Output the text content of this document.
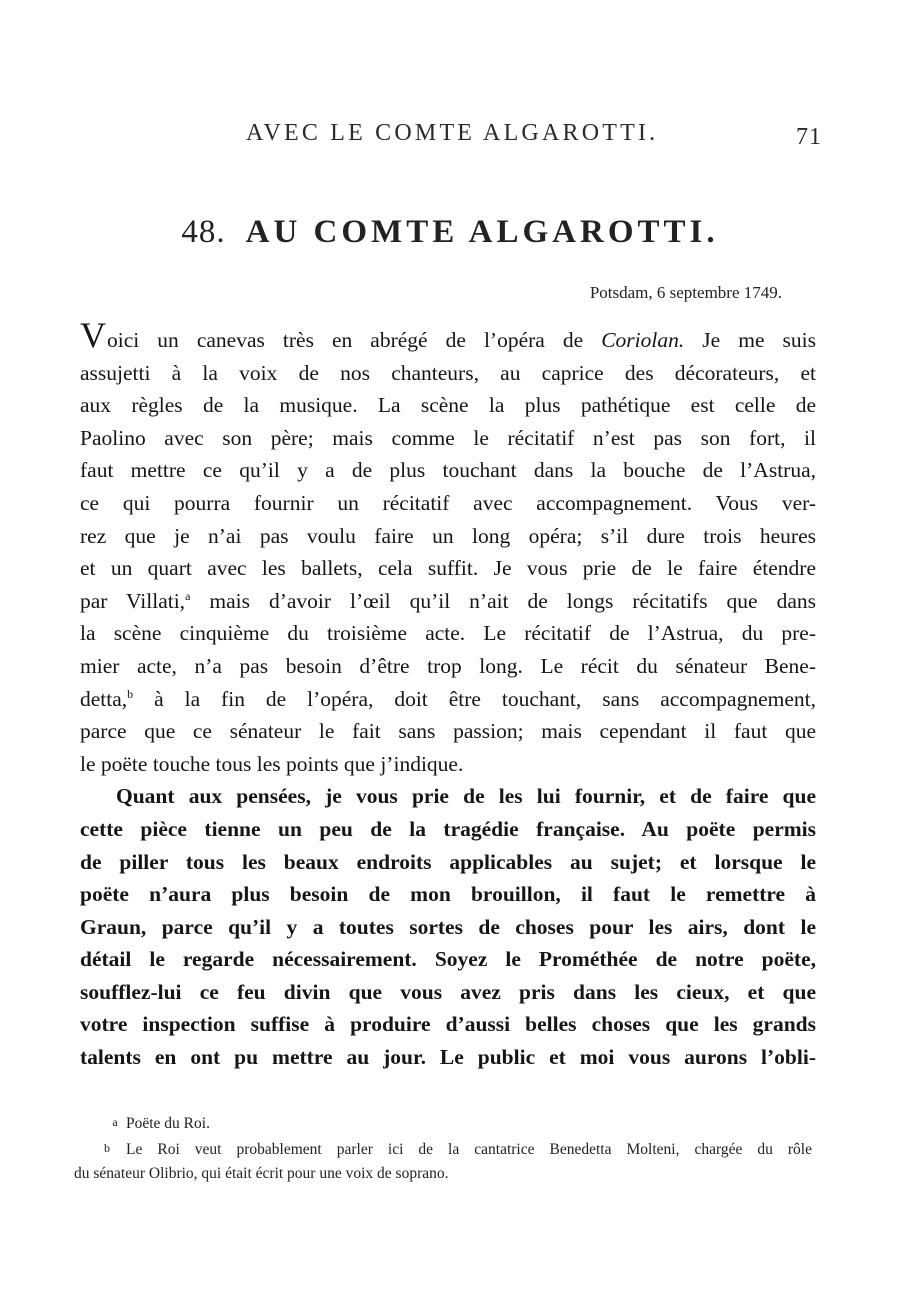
AVEC LE COMTE ALGAROTTI.	71
48. AU COMTE ALGAROTTI.
Potsdam, 6 septembre 1749.
Voici un canevas très en abrégé de l’opéra de Coriolan. Je me suis
assujetti à la voix de nos chanteurs, au caprice des décorateurs, et
aux règles de la musique. La scène la plus pathétique est celle de
Paolino avec son père; mais comme le récitatif n’est pas son fort, il
faut mettre ce qu’il y a de plus touchant dans la bouche de l’Astrua,
ce qui pourra fournir un récitatif avec accompagnement. Vous ver-
rez que je n’ai pas voulu faire un long opéra; s’il dure trois heures
et un quart avec les ballets, cela suffit. Je vous prie de le faire étendre
par Villati,$^a$ mais d’avoir l’œil qu’il n’ait de longs récitatifs que dans
la scène cinquième du troisième acte. Le récitatif de l’Astrua, du pre-
mier acte, n’a pas besoin d’être trop long. Le récit du sénateur Bene-
detta,$^b$ à la fin de l’opéra, doit être touchant, sans accompagnement,
parce que ce sénateur le fait sans passion; mais cependant il faut que
le poëte touche tous les points que j’indique.
Quant aux pensées, je vous prie de les lui fournir, et de faire que
cette pièce tienne un peu de la tragédie française. Au poëte permis
de piller tous les beaux endroits applicables au sujet; et lorsque le
poëte n’aura plus besoin de mon brouillon, il faut le remettre à
Graun, parce qu’il y a toutes sortes de choses pour les airs, dont le
détail le regarde nécessairement. Soyez le Prométhée de notre poëte,
soufflez-lui ce feu divin que vous avez pris dans les cieux, et que
votre inspection suffise à produire d’aussi belles choses que les grands
talents en ont pu mettre au jour. Le public et moi vous aurons l’obli-
a Poëte du Roi.
b Le Roi veut probablement parler ici de la cantatrice Benedetta Molteni, chargée du rôle
du sénateur Olibrio, qui était écrit pour une voix de soprano.
